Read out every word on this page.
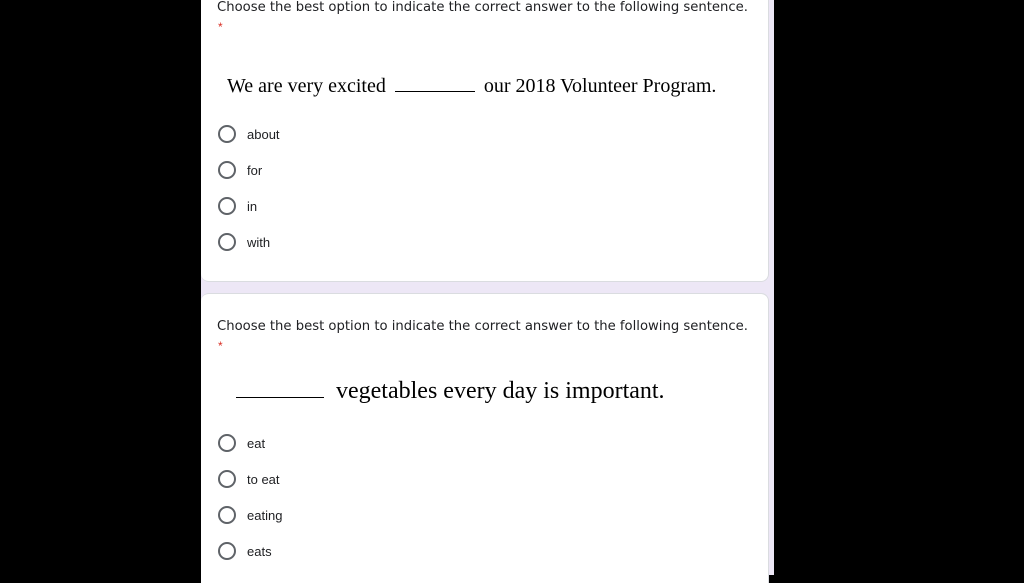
Choose the best option to indicate the correct answer to the following sentence.
*
We are very excited	our 2018 Volunteer Program.
about
for
in
with
Choose the best option to indicate the correct answer to the following sentence.
*
vegetables every day is important.
eat
to eat
eating
eats
